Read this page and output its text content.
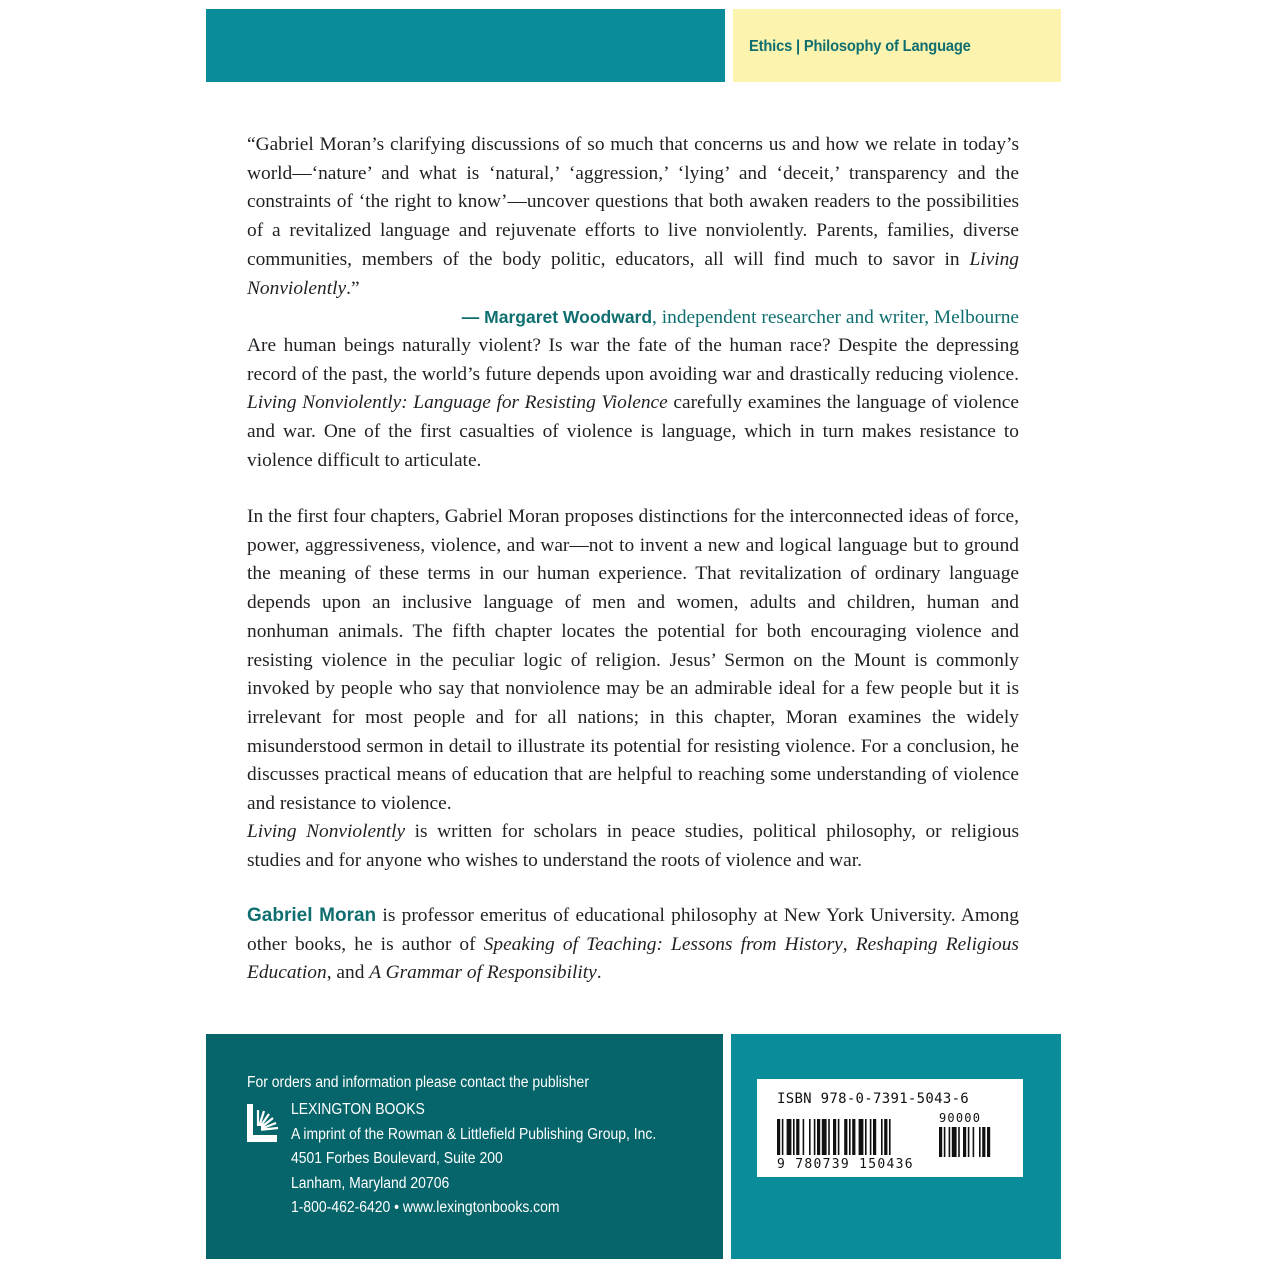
Ethics | Philosophy of Language

“Gabriel Moran’s clarifying discussions of so much that concerns us and how we relate in today’s world—‘nature’ and what is ‘natural,’ ‘aggression,’ ‘lying’ and ‘deceit,’ transparency and the constraints of ‘the right to know’—uncover questions that both awaken readers to the possibilities of a revitalized language and rejuvenate efforts to live nonviolently. Parents, families, diverse communities, members of the body politic, educators, all will find much to savor in Living Nonviolently.”

— Margaret Woodward, independent researcher and writer, Melbourne

Are human beings naturally violent? Is war the fate of the human race? Despite the depressing record of the past, the world’s future depends upon avoiding war and drastically reducing violence. Living Nonviolently: Language for Resisting Violence carefully examines the language of violence and war. One of the first casualties of violence is language, which in turn makes resistance to violence difficult to articulate.

In the first four chapters, Gabriel Moran proposes distinctions for the interconnected ideas of force, power, aggressiveness, violence, and war—not to invent a new and logical language but to ground the meaning of these terms in our human experience. That revitalization of ordinary language depends upon an inclusive language of men and women, adults and children, human and nonhuman animals. The fifth chapter locates the potential for both encouraging violence and resisting violence in the peculiar logic of religion. Jesus’ Sermon on the Mount is commonly invoked by people who say that nonviolence may be an admirable ideal for a few people but it is irrelevant for most people and for all nations; in this chapter, Moran examines the widely misunderstood sermon in detail to illustrate its potential for resisting violence. For a conclusion, he discusses practical means of education that are helpful to reaching some understanding of violence and resistance to violence.

Living Nonviolently is written for scholars in peace studies, political philosophy, or religious studies and for anyone who wishes to understand the roots of violence and war.

Gabriel Moran is professor emeritus of educational philosophy at New York University. Among other books, he is author of Speaking of Teaching: Lessons from History, Reshaping Religious Education, and A Grammar of Responsibility.

For orders and information please contact the publisher
LEXINGTON BOOKS
A imprint of the Rowman & Littlefield Publishing Group, Inc.
4501 Forbes Boulevard, Suite 200
Lanham, Maryland 20706
1-800-462-6420 • www.lexingtonbooks.com
ISBN 978-0-7391-5043-6
90000
9 780739 150436
